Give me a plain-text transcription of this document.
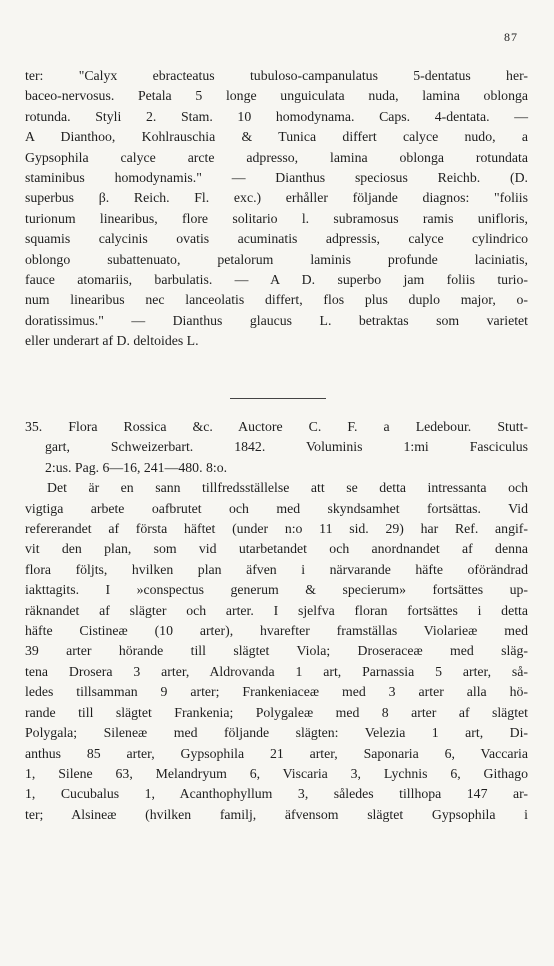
87
ter: "Calyx ebracteatus tubuloso-campanulatus 5-dentatus her-
baceo-nervosus. Petala 5 longe unguiculata nuda, lamina oblonga
rotunda. Styli 2. Stam. 10 homodynama. Caps. 4-dentata. —
A Dianthoo, Kohlrauschia & Tunica differt calyce nudo, a
Gypsophila calyce arcte adpresso, lamina oblonga rotundata
staminibus homodynamis." — Dianthus speciosus Reichb. (D.
superbus β. Reich. Fl. exc.) erhåller följande diagnos: "foliis
turionum linearibus, flore solitario l. subramosus ramis unifloris,
squamis calycinis ovatis acuminatis adpressis, calyce cylindrico
oblongo subattenuato, petalorum laminis profunde laciniatis,
fauce atomariis, barbulatis. — A D. superbo jam foliis turio-
num linearibus nec lanceolatis differt, flos plus duplo major, o-
doratissimus." — Dianthus glaucus L. betraktas som varietet
eller underart af D. deltoides L.
35. Flora Rossica &c. Auctore C. F. a Ledebour. Stutt-
gart, Schweizerbart. 1842. Voluminis 1:mi Fasciculus
2:us. Pag. 6—16, 241—480. 8:o.
Det är en sann tillfredsställelse att se detta intressanta och
vigtiga arbete oafbrutet och med skyndsamhet fortsättas. Vid
refererandet af första häftet (under n:o 11 sid. 29) har Ref. angif-
vit den plan, som vid utarbetandet och anordnandet af denna
flora följts, hvilken plan äfven i närvarande häfte oförändrad
iakttagits. I »conspectus generum & specierum» fortsättes up-
räknandet af slägter och arter. I sjelfva floran fortsättes i detta
häfte Cistineæ (10 arter), hvarefter framställas Violarieæ med
39 arter hörande till slägtet Viola; Droseraceæ med släg-
tena Drosera 3 arter, Aldrovanda 1 art, Parnassia 5 arter, så-
ledes tillsamman 9 arter; Frankeniaceæ med 3 arter alla hö-
rande till slägtet Frankenia; Polygaleæ med 8 arter af slägtet
Polygala; Sileneæ med följande slägten: Velezia 1 art, Di-
anthus 85 arter, Gypsophila 21 arter, Saponaria 6, Vaccaria
1, Silene 63, Melandryum 6, Viscaria 3, Lychnis 6, Githago
1, Cucubalus 1, Acanthophyllum 3, således tillhopa 147 ar-
ter; Alsineæ (hvilken familj, äfvensom slägtet Gypsophila i
